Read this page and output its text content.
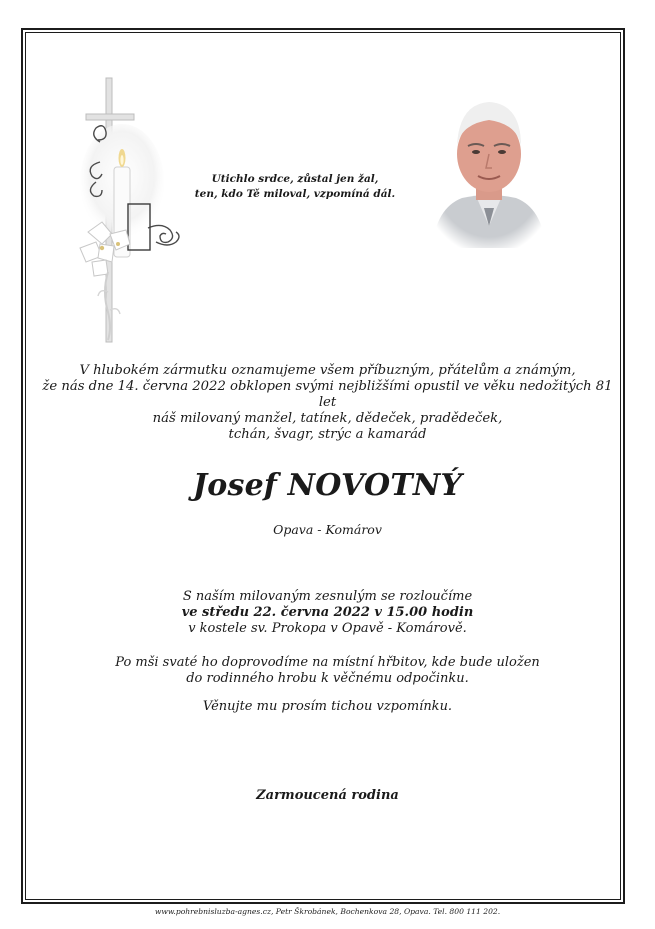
Utichlo srdce, zůstal jen žal,
ten, kdo Tě miloval, vzpomíná dál.
V hlubokém zármutku oznamujeme všem příbuzným, přátelům a známým,
že nás dne 14. června 2022 obklopen svými nejbližšími opustil ve věku nedožitých 81 let
náš milovaný manžel, tatínek, dědeček, pradědeček,
tchán, švagr, strýc a kamarád
Josef NOVOTNÝ
Opava - Komárov
S naším milovaným zesnulým se rozloučíme
ve středu 22. června 2022 v 15.00 hodin
v kostele sv. Prokopa v Opavě - Komárově.
Po mši svaté ho doprovodíme na místní hřbitov, kde bude uložen
do rodinného hrobu k věčnému odpočinku.
Věnujte mu prosím tichou vzpomínku.
Zarmoucená rodina
www.pohrebnisluzba-agnes.cz, Petr Škrobánek, Bochenkova 28, Opava. Tel. 800 111 202.
